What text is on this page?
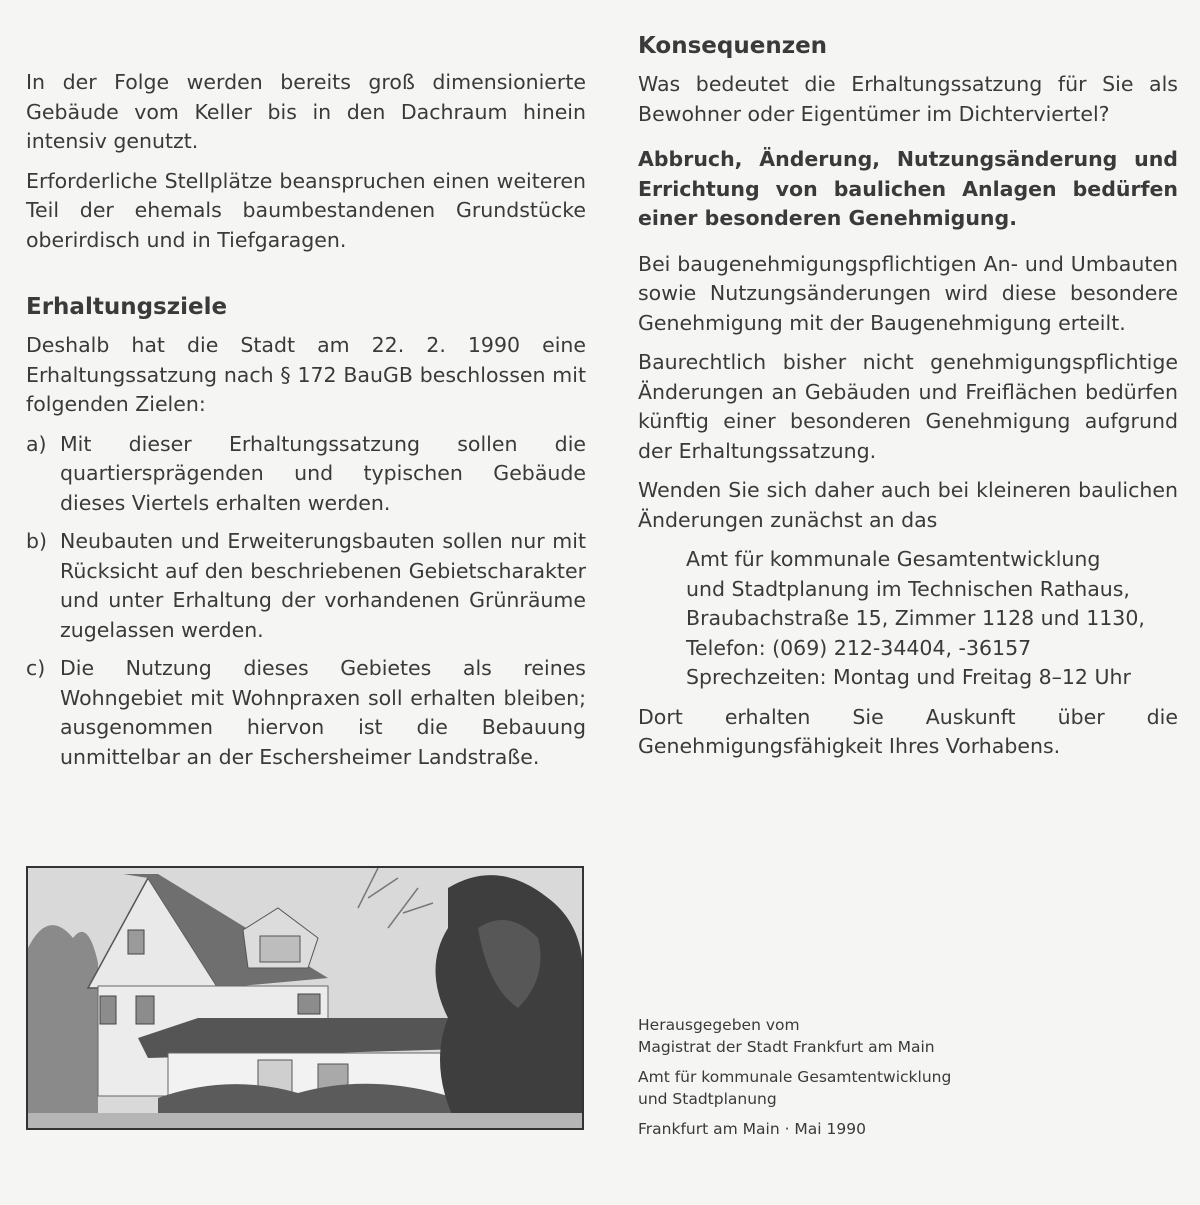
In der Folge werden bereits groß dimensionierte Gebäude vom Keller bis in den Dachraum hinein intensiv genutzt.

Erforderliche Stellplätze beanspruchen einen weiteren Teil der ehemals baumbestandenen Grundstücke oberirdisch und in Tiefgaragen.

Erhaltungsziele

Deshalb hat die Stadt am 22. 2. 1990 eine Erhaltungssatzung nach § 172 BauGB beschlossen mit folgenden Zielen:

a) Mit dieser Erhaltungssatzung sollen die quartiersprägenden und typischen Gebäude dieses Viertels erhalten werden.

b) Neubauten und Erweiterungsbauten sollen nur mit Rücksicht auf den beschriebenen Gebietscharakter und unter Erhaltung der vorhandenen Grünräume zugelassen werden.

c) Die Nutzung dieses Gebietes als reines Wohngebiet mit Wohnpraxen soll erhalten bleiben; ausgenommen hiervon ist die Bebauung unmittelbar an der Eschersheimer Landstraße.

Konsequenzen

Was bedeutet die Erhaltungssatzung für Sie als Bewohner oder Eigentümer im Dichterviertel?

Abbruch, Änderung, Nutzungsänderung und Errichtung von baulichen Anlagen bedürfen einer besonderen Genehmigung.

Bei baugenehmigungspflichtigen An- und Umbauten sowie Nutzungsänderungen wird diese besondere Genehmigung mit der Baugenehmigung erteilt.

Baurechtlich bisher nicht genehmigungspflichtige Änderungen an Gebäuden und Freiflächen bedürfen künftig einer besonderen Genehmigung aufgrund der Erhaltungssatzung.

Wenden Sie sich daher auch bei kleineren baulichen Änderungen zunächst an das

Amt für kommunale Gesamtentwicklung
und Stadtplanung im Technischen Rathaus,
Braubachstraße 15, Zimmer 1128 und 1130,
Telefon: (069) 212-34404, -36157
Sprechzeiten: Montag und Freitag 8–12 Uhr

Dort erhalten Sie Auskunft über die Genehmigungsfähigkeit Ihres Vorhabens.

Herausgegeben vom
Magistrat der Stadt Frankfurt am Main
Amt für kommunale Gesamtentwicklung
und Stadtplanung
Frankfurt am Main · Mai 1990
